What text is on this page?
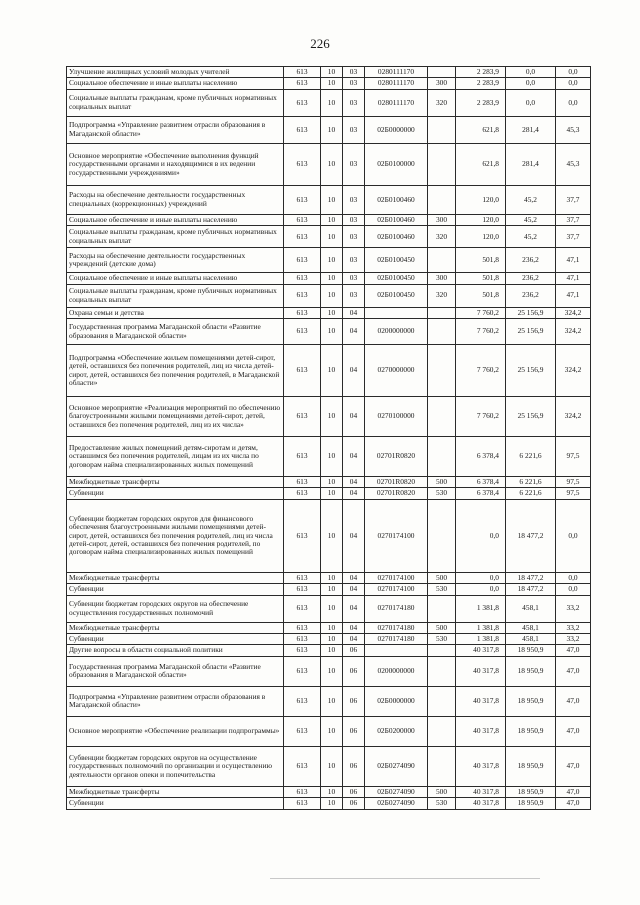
226
Улучшение жилищных условий молодых учителей	613	10	03	0280111170		2 283,9	0,0	0,0
Социальное обеспечение и иные выплаты населению	613	10	03	0280111170	300	2 283,9	0,0	0,0
Социальные выплаты гражданам, кроме публичных нормативных социальных выплат	613	10	03	0280111170	320	2 283,9	0,0	0,0
Подпрограмма «Управление развитием отрасли образования в Магаданской области»	613	10	03	02Б0000000		621,8	281,4	45,3
Основное мероприятие «Обеспечение выполнения функций государственными органами и находящимися в их ведении государственными учреждениями»	613	10	03	02Б0100000		621,8	281,4	45,3
Расходы на обеспечение деятельности государственных специальных (коррекционных) учреждений	613	10	03	02Б0100460		120,0	45,2	37,7
Социальное обеспечение и иные выплаты населению	613	10	03	02Б0100460	300	120,0	45,2	37,7
Социальные выплаты гражданам, кроме публичных нормативных социальных выплат	613	10	03	02Б0100460	320	120,0	45,2	37,7
Расходы на обеспечение деятельности государственных учреждений (детские дома)	613	10	03	02Б0100450		501,8	236,2	47,1
Социальное обеспечение и иные выплаты населению	613	10	03	02Б0100450	300	501,8	236,2	47,1
Социальные выплаты гражданам, кроме публичных нормативных социальных выплат	613	10	03	02Б0100450	320	501,8	236,2	47,1
Охрана семьи и детства	613	10	04			7 760,2	25 156,9	324,2
Государственная программа Магаданской области «Развитие образования в Магаданской области»	613	10	04	0200000000		7 760,2	25 156,9	324,2
Подпрограмма «Обеспечение жильем помещениями детей-сирот, детей, оставшихся без попечения родителей, лиц из числа детей-сирот, детей, оставшихся без попечения родителей, в Магаданской области»	613	10	04	0270000000		7 760,2	25 156,9	324,2
Основное мероприятие «Реализация мероприятий по обеспечению благоустроенными жилыми помещениями детей-сирот, детей, оставшихся без попечения родителей, лиц из их числа»	613	10	04	0270100000		7 760,2	25 156,9	324,2
Предоставление жилых помещений детям-сиротам и детям, оставшимся без попечения родителей, лицам из их числа по договорам найма специализированных жилых помещений	613	10	04	02701R0820		6 378,4	6 221,6	97,5
Межбюджетные трансферты	613	10	04	02701R0820	500	6 378,4	6 221,6	97,5
Субвенции	613	10	04	02701R0820	530	6 378,4	6 221,6	97,5
Субвенции бюджетам городских округов для финансового обеспечения благоустроенными жилыми помещениями детей-сирот, детей, оставшихся без попечения родителей, лиц из числа детей-сирот, детей, оставшихся без попечения родителей, по договорам найма специализированных жилых помещений	613	10	04	0270174100		0,0	18 477,2	0,0
Межбюджетные трансферты	613	10	04	0270174100	500	0,0	18 477,2	0,0
Субвенции	613	10	04	0270174100	530	0,0	18 477,2	0,0
Субвенции бюджетам городских округов на обеспечение осуществления государственных полномочий	613	10	04	0270174180		1 381,8	458,1	33,2
Межбюджетные трансферты	613	10	04	0270174180	500	1 381,8	458,1	33,2
Субвенции	613	10	04	0270174180	530	1 381,8	458,1	33,2
Другие вопросы в области социальной политики	613	10	06			40 317,8	18 950,9	47,0
Государственная программа Магаданской области «Развитие образования в Магаданской области»	613	10	06	0200000000		40 317,8	18 950,9	47,0
Подпрограмма «Управление развитием отрасли образования в Магаданской области»	613	10	06	02Б0000000		40 317,8	18 950,9	47,0
Основное мероприятие «Обеспечение реализации подпрограммы»	613	10	06	02Б0200000		40 317,8	18 950,9	47,0
Субвенции бюджетам городских округов на осуществление государственных полномочий по организации и осуществлению деятельности органов опеки и попечительства	613	10	06	02Б0274090		40 317,8	18 950,9	47,0
Межбюджетные трансферты	613	10	06	02Б0274090	500	40 317,8	18 950,9	47,0
Субвенции	613	10	06	02Б0274090	530	40 317,8	18 950,9	47,0
